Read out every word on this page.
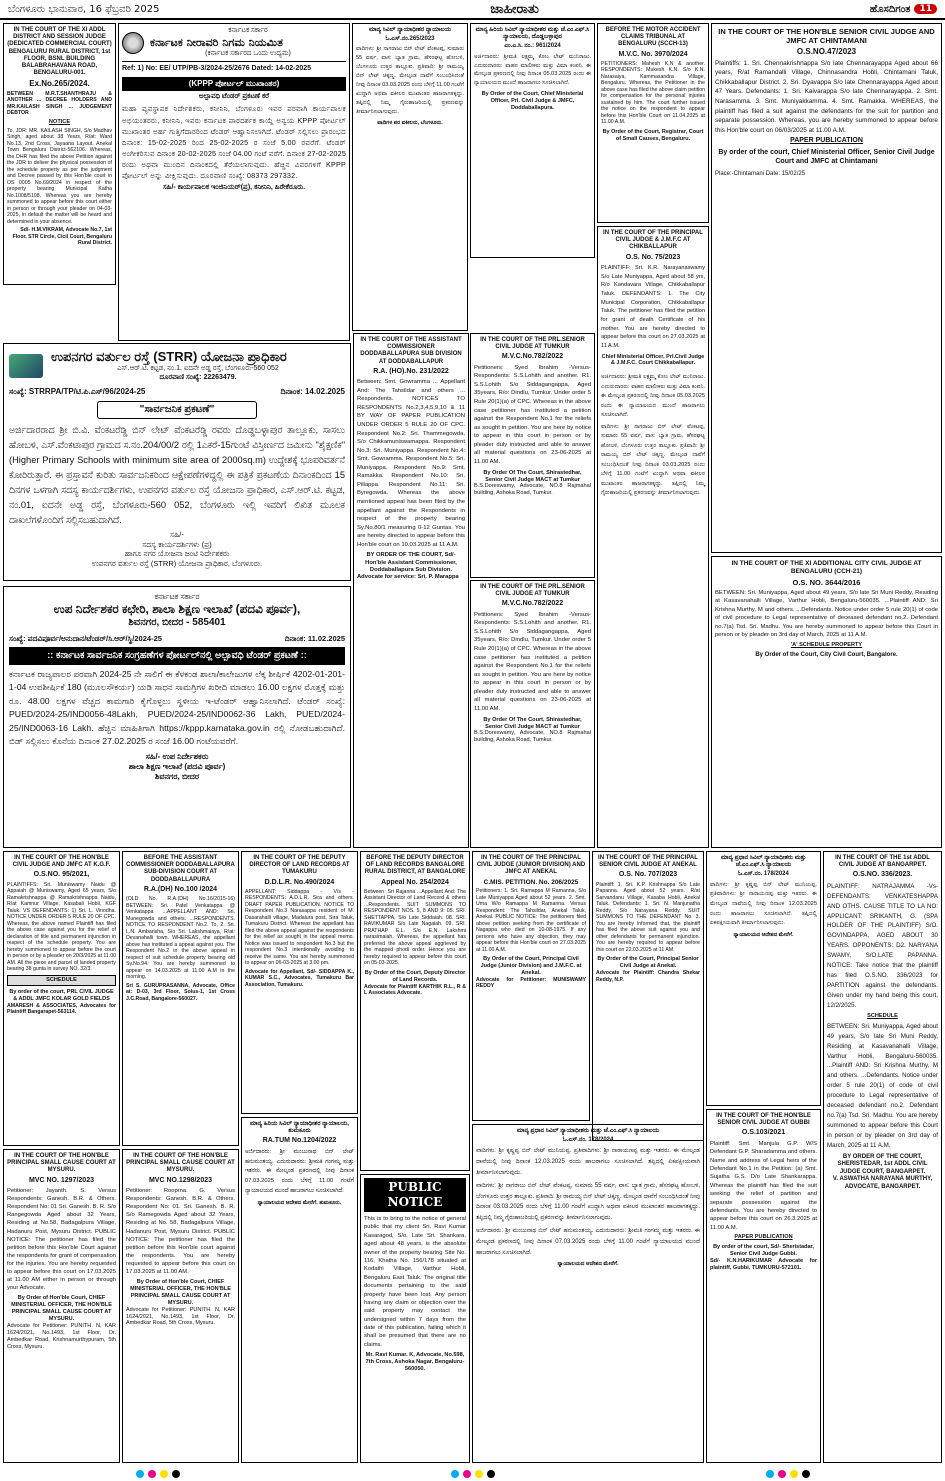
ಬೆಂಗಳೂರು ಭಾನುವಾರ, 16 ಫೆಬ್ರವರಿ 2025	ಜಾಹೀರಾತು	ಹೊಸದಿಗಂತ	11
IN THE COURT OF THE XI ADDL DISTRICT AND SESSION JUDGE (DEDICATED COMMERCIAL COURT) BENGALURU RURAL DISTRICT, 1st FLOOR, BSNL BUILDING BALABRAHAVANA ROAD, BENGALURU-001.
Ex.No.265/2024.

BETWEEN M.R.T.SHANTHRAJU & ANOTHER ... DECREE HOLDERS AND MR.KAILASH SINGH ... JUDGEMENT DEBTOR

NOTICE

To, JDR: MR. KAILASH SINGH, S/o Madhav Singh, aged about 38 Years, R/at: Ward No.13, 2nd Cross, Jayaana Layout, Anekal Town Bengaluru District-562106. Whereas, the DHR has filed the above Petition against the JDR to deliver the physical possession of the schedule property as per the judgment and Decree passed by this Hon'ble court in OS 0005 No.69/2024 in respect of the property bearing Municipal Katha No.1008/5108. Whereas you are hereby summoned to appear before this court either in person or through your pleader on 04-03-2025, in default the matter will be heard and determined in your absence.

Sd/- H.M.VIKRAM, Advocate No.7, 1st Floor, STR Circle, Cicil Court, Bengaluru Rural District.

ಕರ್ನಾಟಕ ಸರ್ಕಾರ
ಕರ್ನಾಟಕ ನೀರಾವರಿ ನಿಗಮ ನಿಯಮಿತ
(ಕರ್ನಾಟಕ ಸರ್ಕಾರದ ಒಂದು ಉದ್ಯಮ)
Ref: 1) No: EE/ UTP/PB-3/2024-25/2676 Dated: 14-02-2025
(KPPP ಪೋರ್ಟಲ್ ಮುಖಾಂತರ)
ಅಲ್ಪಾವಧಿ ಟೆಂಡರ್ ಪ್ರಕಟಣೆ ಕರೆ
ಮಹಾ ವ್ಯವಸ್ಥಾಪಕ ನಿರ್ದೇಶಕರು, ಕನೀನಿನಿ, ಬೆಂಗಳೂರು ಇವರ ಪರವಾಗಿ ಕಾರ್ಯಪಾಲಕ ಅಭಿಯಂತರರು, ಕನೀನಿನಿ, ಇವರು ಕರ್ನಾಟಕ ಪಾರದರ್ಶಕ ಕಾಯ್ದೆ ಅನ್ವಯ KPPP ಪೋರ್ಟಲ್ ಮುಖಾಂತರ ಅರ್ಹ ಗುತ್ತಿಗೆದಾರರಿಂದ ಟೆಂಡರ್ ಆಹ್ವಾನಿಸಲಾಗಿದೆ. ಟೆಂಡರ್ ಸಲ್ಲಿಸಲು ಪ್ರಾರಂಭದ ದಿನಾಂಕ: 15-02-2025 ರಿಂದ 25-02-2025 ರ ಸಂಜೆ 5.00 ರವರೆಗೆ. ಟೆಂಡರ್ ಅಂಗೀಕರಿಸುವ ದಿನಾಂಕ 20-02-2025 ಸಂಜೆ 04.00 ಗಂಟೆ ವರೆಗೆ. ದಿನಾಂಕ 27-02-2025 ರಂದು ಅಥವಾ ಮುಂದಿನ ದಿನಾಂಕದಲ್ಲಿ ತೆರೆಯಲಾಗುವುದು. ಹೆಚ್ಚಿನ ವಿವರಗಳಿಗೆ KPPP ಪೋರ್ಟಲ್ ಅನ್ನು ವೀಕ್ಷಿಸುವುದು. ದೂರವಾಣಿ ಸಂಖ್ಯೆ: 08373 297332.
ಸಹಿ/- ಕಾರ್ಯಪಾಲಕ ಇಂಜಿನಿಯರ್(ಪ್ರ), ಕನೀನಿನಿ, ಹಿರೇಕೆರೂರು.
ಮಾನ್ಯ ಸಿವಿಲ್ ನ್ಯಾಯಾಧೀಶರ ನ್ಯಾಯಾಲಯ
ಓ.ಎಸ್.ನಂ.265/2023

ವಾದಿಗಳು: ಶ್ರೀ ನಾಗರಾಜು ಬಿನ್ ಲೇಟ್ ವೆಂಕಟಪ್ಪ, ಸುಮಾರು 55 ವರ್ಷ, ವಾಸ: ಬ್ಯಾತ ಗ್ರಾಮ, ಹೆಸರಘಟ್ಟ ಹೋಬಳಿ, ಬೆಂಗಳೂರು ಉತ್ತರ ತಾಲ್ಲೂಕು. ಪ್ರತಿವಾದಿ: ಶ್ರೀ ರಾಮಯ್ಯ ಬಿನ್ ಲೇಟ್ ಚಿಕ್ಕಣ್ಣ. ಮೇಲ್ಕಂಡ ದಾವೆಗೆ ಸಂಬಂಧಿಸಿದಂತೆ ನೀವು ದಿನಾಂಕ 03.03.2025 ರಂದು ಬೆಳಿಗ್ಗೆ 11.00 ಗಂಟೆಗೆ ಖುದ್ದಾಗಿ ಅಥವಾ ವಕೀಲರ ಮುಖಾಂತರ ಹಾಜರಾಗತಕ್ಕದ್ದು. ತಪ್ಪಿದಲ್ಲಿ ನಿಮ್ಮ ಗೈರುಹಾಜರಿಯಲ್ಲಿ ಪ್ರಕರಣವನ್ನು ತೀರ್ಮಾನಿಸಲಾಗುವುದು.

ವಾದಿಗಳ ಪರ ವಕೀಲರು, ಬೆಂಗಳೂರು.
ಮಾನ್ಯ ಹಿರಿಯ ಸಿವಿಲ್ ನ್ಯಾಯಾಧೀಶರ ಮತ್ತು ಜೆ.ಎಂ.ಎಫ್.ಸಿ ನ್ಯಾಯಾಲಯ, ದೊಡ್ಡಬಳ್ಳಾಪುರ
ಎಂ.ಎ.ಸಿ. ನಂ.: 961/2024

ಅರ್ಜಿದಾರರು: ಶ್ರೀಮತಿ ಲಕ್ಷ್ಮಮ್ಮ ಕೋಂ ಲೇಟ್ ಮುನಿರಾಜು. ಎದುರುದಾರರು: ವಾಹನ ಮಾಲೀಕರು ಮತ್ತು ವಿಮಾ ಕಂಪನಿ. ಈ ಮೇಲ್ಕಂಡ ಪ್ರಕರಣದಲ್ಲಿ ನೀವು ದಿನಾಂಕ 05.03.2025 ರಂದು ಈ ನ್ಯಾಯಾಲಯದ ಮುಂದೆ ಹಾಜರಾಗಲು ಸೂಚಿಸಲಾಗಿದೆ.

By Order of the Court, Chief Ministerial Officer, Prl. Civil Judge & JMFC, Doddaballapura.
BEFORE THE MOTOR ACCIDENT CLAIMS TRIBUNAL AT BENGALURU (SCCH-13)
M.V.C. No. 3970/2024

PETITIONERS: Mahesh K.N & another. RESPONDENTS: Mukesh K.N. S/o K.N. Narasaiya, Kammasandra Village, Bengaluru. Whereas, the Petitioner in the above case has filed the above claim petition for compensation for the personal injuries sustained by him. The court further issued the notice on the respondent to appear before this Hon'ble Court on 11.04.2025 at 11.00 A.M.

By Order of the Court, Registrar, Court of Small Causes, Bengaluru.
IN THE COURT OF THE HON'BLE SENIOR CIVIL JUDGE AND JMFC AT CHINTAMANI
O.S.NO.47/2023

Plaintiffs: 1. Sri. Chennakrishnappa S/o late Chennarayappa Aged about 66 years, R/at Ramandalli Village, Chinnasandra Hobli, Chintamani Taluk, Chikkaballapur District. 2. Sri. Dyavappa S/o late Chennarayappa Aged about 47 Years. Defendants: 1. Sri. Kaivarappa S/o late Chennarayappa. 2. Smt. Narasamma. 3. Smt. Muniyakkamma. 4. Smt. Ramakka. WHEREAS, the plaintiff has filed a suit against the defendants for the suit for partition and separate possession. Whereas, you are hereby summoned to appear before this Hon'ble court on 06/03/2025 at 11.00 A.M.

PAPER PUBLICATION
By order of the court, Chief Ministerial Officer, Senior Civil Judge Court and JMFC at Chintamani

Place:-Chintamani Date: 15/02/25

ಉಪನಗರ ವರ್ತುಲ ರಸ್ತೆ (STRR) ಯೋಜನಾ ಪ್ರಾಧಿಕಾರ
ಎಸ್.ಆರ್.ಟಿ. ಕಟ್ಟಡ, ನಂ.1, ಐದನೇ ಅಡ್ಡ ರಸ್ತೆ, ಬೆಂಗಳೂರು-560 052
ದೂರವಾಣಿ ಸಂಖ್ಯೆ: 22263479.
ಸಂಖ್ಯೆ: STRRPA/TP/ಟಿ.ಪಿ.ಎಸ್/96/2024-25	ದಿನಾಂಕ: 14.02.2025
"ಸಾರ್ವಜನಿಕ ಪ್ರಕಟಣೆ"
ಅರ್ಜಿದಾರರಾದ ಶ್ರೀ ಬಿ.ವಿ. ವೆಂಕಟರೆಡ್ಡಿ ಬಿನ್ ಲೇಟ್ ವೆಂಕಟರೆಡ್ಡಿ ರವರು ದೊಡ್ಡಬಳ್ಳಾಪುರ ತಾಲ್ಲೂಕು, ಸಾಸಲು ಹೋಬಳಿ, ಎಸ್.ವೆಂಕಟಾಪುರ ಗ್ರಾಮದ ಸ.ನಂ.204/00/2 ರಲ್ಲಿ 1ಎಕರೆ-15ಗುಂಟೆ ವಿಸ್ತೀರ್ಣದ ಜಮೀನು "ಶೈಕ್ಷಣಿಕ" (Higher Primary Schools with minimum site area of 2000sq.m) ಉದ್ದೇಶಕ್ಕೆ ಭೂಪರಿವರ್ತನೆ ಕೋರಿರುತ್ತಾರೆ. ಈ ಪ್ರಸ್ತಾವನೆ ಕುರಿತು ಸಾರ್ವಜನಿಕರಿಂದ ಆಕ್ಷೇಪಣೆಗಳಿದ್ದಲ್ಲಿ ಈ ಪತ್ರಿಕೆ ಪ್ರಕಟಣೆಯ ದಿನಾಂಕದಿಂದ 15 ದಿನಗಳ ಒಳಗಾಗಿ ಸದಸ್ಯ ಕಾರ್ಯದರ್ಶಿಗಳು, ಉಪನಗರ ವರ್ತುಲ ರಸ್ತೆ ಯೋಜನಾ ಪ್ರಾಧಿಕಾರ, ಎಸ್.ಆರ್.ಟಿ. ಕಟ್ಟಡ, ನಂ.01, ಐದನೇ ಅಡ್ಡ ರಸ್ತೆ, ಬೆಂಗಳೂರು-560 052, ಬೆಂಗಳೂರು ಇಲ್ಲಿ ಇವರಿಗೆ ಲಿಖಿತ ಮೂಲಕ ದಾಖಲೆಗಳೊಂದಿಗೆ ಸಲ್ಲಿಸಬಹುದಾಗಿದೆ.
ಸಹಿ/-
ಸದಸ್ಯ ಕಾರ್ಯದರ್ಶಿಗಳು (ಪ್ರ)
ಹಾಗೂ ನಗರ ಯೋಜನಾ ಜಂಟಿ ನಿರ್ದೇಶಕರು
ಉಪನಗರ ವರ್ತುಲ ರಸ್ತೆ (STRR) ಯೋಜನಾ ಪ್ರಾಧಿಕಾರ, ಬೆಂಗಳೂರು.
ಕರ್ನಾಟಕ ಸರ್ಕಾರ
ಉಪ ನಿರ್ದೇಶಕರ ಕಛೇರಿ, ಶಾಲಾ ಶಿಕ್ಷಣ ಇಲಾಖೆ (ಪದವಿ ಪೂರ್ವ),
ಶಿವನಗರ, ಬೀದರ - 585401
ಸಂಖ್ಯೆ: ಪದವಿಪೂರ್ವ/ಅನುದಾನ/ಟೆಂಡರ್/ಸಿ.ಆರ್/ಸ್ಥಿ/2024-25	ದಿನಾಂಕ: 11.02.2025
:: ಕರ್ನಾಟಕ ಸಾರ್ವಜನಿಕ ಸಂಗ್ರಹಣೆಗಳ ಪೋರ್ಟಲ್‌ನಲ್ಲಿ ಅಲ್ಪಾವಧಿ ಟೆಂಡರ್ ಪ್ರಕಟಣೆ ::
ಕರ್ನಾಟಕ ರಾಜ್ಯಪಾಲರ ಪರವಾಗಿ 2024-25 ನೇ ಸಾಲಿಗೆ ಈ ಕೆಳಕಂಡ ಶಾಲಾ/ಕಾಲೇಜುಗಳ ಲೆಕ್ಕ ಶೀರ್ಷಿಕೆ 4202-01-201-1-04 ಉಪಶೀರ್ಷಿಕೆ 180 (ಮೂಲಸೌಕರ್ಯ) ಯಡಿ ಸಾಧನ ಸಾಮಗ್ರಿಗಳ ಖರೀದಿ ಮಾಡಲು 16.00 ಲಕ್ಷಗಳ ಮೊತ್ತಕ್ಕೆ ಮತ್ತು ರೂ. 48.00 ಲಕ್ಷಗಳ ವೆಚ್ಚದ ಕಾಮಗಾರಿ ಕೈಗೊಳ್ಳಲು ಸ್ಥಳೀಯ ಇ-ಟೆಂಡರ್ ಆಹ್ವಾನಿಸಲಾಗಿದೆ. ಟೆಂಡರ್ ಸಂಖ್ಯೆ: PUED/2024-25/IND0056-48Lakh, PUED/2024-25/IND0062-36 Lakh, PUED/2024-25/IND0063-16 Lakh. ಹೆಚ್ಚಿನ ಮಾಹಿತಿಗಾಗಿ https://kppp.karnataka.gov.in ರಲ್ಲಿ ನೋಡಬಹುದಾಗಿದೆ. ಬಿಡ್ ಸಲ್ಲಿಸಲು ಕೊನೆಯ ದಿನಾಂಕ 27.02.2025 ರ ಸಂಜೆ 16.00 ಗಂಟೆಯವರೆಗೆ.
ಸಹಿ/- ಉಪ ನಿರ್ದೇಶಕರು
ಶಾಲಾ ಶಿಕ್ಷಣ ಇಲಾಖೆ (ಪದವಿ ಪೂರ್ವ)
ಶಿವನಗರ, ಬೀದರ
IN THE COURT OF THE ASSISTANT COMMISSIONER DODDABALLAPURA SUB DIVISION AT DODDABALLAPUR
R.A. (HO).No. 231/2022

Between: Smt. Gowramma ... Appellant And: The Tahsildar and others ... Respondents. NOTICES TO RESPONDENTS No.2,3,4,5,9,10 & 11 BY WAY OF PAPER PUBLICATION UNDER ORDER 5 RULE 20 OF CPC. Respondent No.2: Sri. Thammegowda, S/o Chikkamuniswamappa. Respondent No.3: Sri. Muniyappa. Respondent No.4: Smt. Gowramma. Respondent No.5: Sri. Muniyappa. Respondent No.9: Smt. Ramakka. Respondent No.10: Sri. Pillappa. Respondent No.11: Sri. Byregowda. Whereas the above mentioned appeal has been filed by the appellant against the Respondents in respect of the property bearing Sy.No.80/1 measuring 0-12 Guntas. You are hereby directed to appear before this Hon'ble court on 10.03.2025 at 11 A.M.

BY ORDER OF THE COURT, Sd/- Hon'ble Assistant Commissioner, Doddaballapura Sub Division.

Advocate for service: Sri. P. Marappa

IN THE COURT OF THE PRL.SENIOR CIVIL JUDGE AT TUMKUR
M.V.C.No.782/2022

Petitioners: Syed Ibrahim -Versus- Respondents: S.S.Lohith and another. R1. S.S.Lohith S/o Siddagangappa, Aged 35years, R/o: Dindlu, Tumkur. Under order 5 Rule 20(1)(a) of CPC. Whereas in the above case petitioner has instituted a petition against the Respondent No.1 for the reliefs as sought in petition. You are here by notice to appear in this court in person or by pleader duly instructed and able to answer all material questions on 23-06-2025 at 11.00 AM.

By Order Of The Court, Shirastedhar, Senior Civil Judge MACT at Tumkur

B.S.Doreswamy, Advocate, NO.8 Rajmahal building, Ashoka Road, Tumkur.

IN THE COURT OF THE PRL.SENIOR CIVIL JUDGE AT TUMKUR
M.V.C.No.782/2022

Petitioners: Syed Ibrahim -Versus- Respondents: S.S.Lohith and another. R1. S.S.Lohith S/o Siddagangappa, Aged 35years, R/o: Dindlu, Tumkur. Under order 5 Rule 20(1)(a) of CPC. Whereas in the above case petitioner has instituted a petition against the Respondent No.1 for the reliefs as sought in petition. You are here by notice to appear in this court in person or by pleader duly instructed and able to answer all material questions on 23-06-2025 at 11.00 AM.

By Order Of The Court, Shirastedhar, Senior Civil Judge MACT at Tumkur

B.S.Doreswamy, Advocate, NO.8 Rajmahal building, Ashoka Road, Tumkur.

IN THE COURT OF THE PRINCIPAL CIVIL JUDGE & J.M.F.C AT CHIKBALLAPUR
O.S. No. 75/2023

PLAINTIFF: Sri. K.R. Narayanaswamy S/o Late Muniyappa, Aged about 58 yrs, R/o Kandavara Village, Chikkaballapur Taluk. DEFENDANTS: 1. The City Municipal Corporation, Chikkaballapur Taluk. The petitioner has filed the petition for grant of death Certificate of his mother. You are hereby directed to appear before this court on 27.03.2025 at 11 A.M.

Chief Ministerial Officer, Prl.Civil Judge & J.M.F.C. Court Chikkaballapur.

ಅರ್ಜಿದಾರರು: ಶ್ರೀಮತಿ ಲಕ್ಷ್ಮಮ್ಮ ಕೋಂ ಲೇಟ್ ಮುನಿರಾಜು. ಎದುರುದಾರರು: ವಾಹನ ಮಾಲೀಕರು ಮತ್ತು ವಿಮಾ ಕಂಪನಿ. ಈ ಮೇಲ್ಕಂಡ ಪ್ರಕರಣದಲ್ಲಿ ನೀವು ದಿನಾಂಕ 05.03.2025 ರಂದು ಈ ನ್ಯಾಯಾಲಯದ ಮುಂದೆ ಹಾಜರಾಗಲು ಸೂಚಿಸಲಾಗಿದೆ.

ವಾದಿಗಳು: ಶ್ರೀ ನಾಗರಾಜು ಬಿನ್ ಲೇಟ್ ವೆಂಕಟಪ್ಪ, ಸುಮಾರು 55 ವರ್ಷ, ವಾಸ: ಬ್ಯಾತ ಗ್ರಾಮ, ಹೆಸರಘಟ್ಟ ಹೋಬಳಿ, ಬೆಂಗಳೂರು ಉತ್ತರ ತಾಲ್ಲೂಕು. ಪ್ರತಿವಾದಿ: ಶ್ರೀ ರಾಮಯ್ಯ ಬಿನ್ ಲೇಟ್ ಚಿಕ್ಕಣ್ಣ. ಮೇಲ್ಕಂಡ ದಾವೆಗೆ ಸಂಬಂಧಿಸಿದಂತೆ ನೀವು ದಿನಾಂಕ 03.03.2025 ರಂದು ಬೆಳಿಗ್ಗೆ 11.00 ಗಂಟೆಗೆ ಖುದ್ದಾಗಿ ಅಥವಾ ವಕೀಲರ ಮುಖಾಂತರ ಹಾಜರಾಗತಕ್ಕದ್ದು. ತಪ್ಪಿದಲ್ಲಿ ನಿಮ್ಮ ಗೈರುಹಾಜರಿಯಲ್ಲಿ ಪ್ರಕರಣವನ್ನು ತೀರ್ಮಾನಿಸಲಾಗುವುದು.

IN THE COURT OF THE XI ADDITIONAL CITY CIVIL JUDGE AT BENGALURU (CCH-21)
O.S. NO. 3644/2016

BETWEEN: Sri. Muniyappa, Aged about 49 years, S/o late Sri Muni Reddy, Residing at Kasavanahalli Village, Varthur Hobli, Bengaluru-560035. ...Plaintiff AND: Sri Krishna Murthy, M and others. ...Defendants. Notice under order 5 rule 20(1) of code of civil procedure to Legal representative of deceased defendant no.2. Defendant no.7(a) Tsd. Sri. Madhu. You are hereby summoned to appear before this Court in person or by pleader on 3rd day of March, 2025 at 11 A.M.

'A' SCHEDULE PROPERTY
By Order of the Court, City Civil Court, Bangalore.
IN THE COURT OF THE HON'BLE CIVIL JUDGE AND JMFC AT K.G.F.
O.S.NO. 95/2021,

PLAINTIFFS: Sri. Muniswamy Naidu @ Appaiah @ Muniswamy, Aged 65 years, S/o Ramakrishnappa @ Ramakrishnappa Naidu, R/at Kamnur Village, Kasabali Hobli, KGF Taluk. VS DEFENDANTS: 1) Sri. L. Vinodha. NOTICE UNDER ORDER 5 RULE 20 OF CPC. Whereas, the above named Plaintiff has filed the above case against you for the relief of declaration of title and permanent injunction in respect of the schedule property. You are hereby summoned to appear before the court in person or by a pleader on 20/3/2025 at 11.00 AM. All the piece and parcel of landed property bearing 38 gunta in survey NO. 32/3.

SCHEDULE
By order of the court, PRL CIVIL JUDGE & ADDL JMFC KOLAR GOLD FIELDS

AMARESH & ASSOCIATES, Advocates for Plaintiff Bangarapet-563114.

BEFORE THE ASSISTANT COMMISSIONER DODDABALLAPURA SUB-DIVISION COURT AT DODDABALLAPURA
R.A.(DH) No.100 /2024

(OLD No. R.A.(DH) No.16/2015-16) BETWEEN: Sri. Patel Venkatappa @ Venkatappa ...APPELLANT AND: Sri. Munegowda and others. ...RESPONDENTS. NOTICE TO RESPONDENT No.2. To, 2. Sri. L.N. Ambarisha, S/o Sri. Lakshmaiaya, R/at: Devanahalli town. WHEREAS, the appellant above has instituted a appeal against you. The Respondent No.2 in the above appeal in respect of suit schedule property bearing old Sy.No.94. You are hereby summoned to appear on 14.03.2025 at 11.00 A.M in the morning.

Sri S. GURUPRASANNA, Advocate, Office at: D-03, 3rd Floor, Solus-1, 1st Cross J.C.Road, Bangalore-560027.

IN THE COURT OF THE DEPUTY DIRECTOR OF LAND RECORDS AT TUMAKURU
D.D.L.R. No.490/2024

APPELLANT: Siddappa - V/s - RESPONDENTS: A.D.L.R. Sira and others. DRAFT PAPER PUBLICATION. NOTICE TO Respondent No.3 Narasappa resident of M. Dasarahalli village, Madalura post, Sira Taluk, Tumakuru District. Whereas the appellant has filed the above appeal against the respondents for the relief as sought in the appeal memo. Notice was issued to respondent No.3 but the respondent No.3 intentionally avoiding to receive the same. You are hereby summoned to appear on 06-03-2025 at 3.00 pm.

Advocate for Appellant, Sd/- SIDDAPPA K., KUMAR S.C., Advocates, Tumakuru Bar Association, Tumakuru.

BEFORE THE DEPUTY DIRECTOR OF LAND RECORDS BANGALORE RURAL DISTRICT, AT BANGALORE
Appeal No. 254/2024

Between: Sri Rajanna ...Appellant And: The Assistant Director of Land Record & others ...Respondents. SUIT SUMMONS TO RESPONDENT NOS. 5, 8 AND 9: 05. SRI. SHETTAPPA, S/o Late Siddaiah. 08. SRI. RAVIKUMAR S/o Late Nagaiah. 09. SRI. PRATHAP E.L. S/o E.N. Lakshmi narasimaiah. Whereas, the appellant has preferred the above appeal aggrieved by the mapped phodi order. Hence you are hereby required to appear before this court on 05-03-2025.

By Order of the Court, Deputy Director of Land Records.

Advocate for Plaintiff KARTHIK R.L., R & L Associates Advocate.

IN THE COURT OF THE PRINCIPAL CIVIL JUDGE (JUNIOR DIVISION) AND JMFC AT ANEKAL
C.MIS. PETITION. No. 206/2025

Petitioners: 1. Sri. Ramappa M Ramanna, S/o Late Muniyappa Aged about 52 years. 2. Smt. Uma W/o Ramappa M Ramanna. Versus Respondent: The Tahsildar, Anekal Taluk, Anekal. PUBLIC NOTICE: The petitioners filed above petition seeking from the certificate of Nagappa who died on 10-08-1975. If any persons who have any objection, they may appear before this Hon'ble court on 27.03.2025 at 11.00 A.M.

By Order of the Court, Principal Civil Judge (Junior Division) and J.M.F.C. at Anekal.

Advocate for Petitioner: MUNISWAMY REDDY

IN THE COURT OF THE PRINCIPAL SENIOR CIVIL JUDGE AT ANEKAL
O.S. No. 707/2023

Plaintiff: 1. Sri. K.P. Krishnappa S/o Late Papanna. Aged about 52 years. R/at Sarvandanu Village, Kasaba Hobli, Anekal Taluk. Defendants: 1. Sri. N. Manjunatha Reddy, S/o Narayana Reddy. SUIT SUMMONS TO THE DEFENDANT No. 3. You are hereby informed that, the plaintiff has filed the above suit against you and other defendants for permanent injunction. You are hereby required to appear before this court on 22.03.2025 at 11 AM.

By Order of the Court, Principal Senior Civil Judge at Anekal.

Advocate for Plaintiff: Chandra Shekar Reddy, N.P.

IN THE COURT OF THE 1st ADDL CIVIL JUDGE AT BANGARPET.
O.S.NO. 336/2023.

PLAINTIFF: NATRAJAMMA -Vs- DEFENDANTS: VENKATESHAPPA AND OTHS. CAUSE TITLE TO LA NO: APPLICANT: SRIKANTH, G. (SPA HOLDER OF THE PLAINTIFF) S/O. GOVINDAPPA, AGED ABOUT 30 YEARS. OPPONENTS: D2. NARYANA SWAMY, S/O.LATE PAPANNA. NOTICE: Take notice that the plaintiff has filed O.S.NO. 336/2023 for PARTITION against the defendants. Given under my hand being this court, 12/2/2025.

SCHEDULE

BETWEEN: Sri. Muniyappa, Aged about 49 years, S/o late Sri Muni Reddy, Residing at Kasavanahalli Village, Varthur Hobli, Bengaluru-560035. ...Plaintiff AND: Sri Krishna Murthy, M and others. ...Defendants. Notice under order 5 rule 20(1) of code of civil procedure to Legal representative of deceased defendant no.2. Defendant no.7(a) Tsd. Sri. Madhu. You are hereby summoned to appear before this Court in person or by pleader on 3rd day of March, 2025 at 11 A.M.

BY ORDER OF THE COURT, SHERISTEDAR, 1st ADDL CIVIL JUDGE COURT, BANGARPET.

V. ASWATHA NARAYANA MURTHY, ADVOCATE, BANGARPET.

ಮಾನ್ಯ ಪ್ರಧಾನ ಸಿವಿಲ್ ನ್ಯಾಯಾಧೀಶರು ಮತ್ತು ಜೆ.ಎಂ.ಎಫ್.ಸಿ ನ್ಯಾಯಾಲಯ
ಓ.ಎಸ್.ನಂ. 178/2024

ವಾದಿಗಳು: ಶ್ರೀ ಕೃಷ್ಣಪ್ಪ ಬಿನ್ ಲೇಟ್ ಮುನಿಯಪ್ಪ. ಪ್ರತಿವಾದಿಗಳು: ಶ್ರೀ ನಾರಾಯಣಪ್ಪ ಮತ್ತು ಇತರರು. ಈ ಮೇಲ್ಕಂಡ ದಾವೆಯಲ್ಲಿ ನೀವು ದಿನಾಂಕ 12.03.2025 ರಂದು ಹಾಜರಾಗಲು ಸೂಚಿಸಲಾಗಿದೆ. ತಪ್ಪಿದಲ್ಲಿ ಏಕಪಕ್ಷೀಯವಾಗಿ ತೀರ್ಮಾನಿಸಲಾಗುವುದು.

ನ್ಯಾಯಾಲಯದ ಆದೇಶದ ಮೇರೆಗೆ.
IN THE COURT OF THE HON'BLE PRINCIPAL SMALL CAUSE COURT AT MYSURU.
MVC NO. 1297/2023

Petitioner: Jayanth. S. Versus Respondents: Ganesh. B.R. & Others. Respondent No: 01 Sri. Ganesh. B. R. S/o Rangegowda Aged about 32 Years, Residing at No.58, Badagalpura Village, Hadanuru Post, Mysuru District. PUBLIC NOTICE: The petitioner has filed the petition before this Hon'ble Court against the respondents for grant of compensation for the injuries. You are hereby requested to appear before this court on 17.03.2025 at 11.00 AM either in person or through your Advocate.

By Order of Hon'ble Court, CHIEF MINISTERIAL OFFICER, THE HON'BLE PRINCIPAL SMALL CAUSE COURT AT MYSURU.

Advocate for Petitioner: PUNITH. N, KAR 1624/2021, No.1493, 1st Floor, Dr. Ambedkar Road, Krishnamurthypuram, 5th Cross, Mysuru.

IN THE COURT OF THE HON'BLE PRINCIPAL SMALL CAUSE COURT AT MYSURU.
MVC NO.1298/2023

Petitioner: Rooprna. G. Versus Respondents: Ganesh. B.R. & Others. Respondent No: 01. Sri. Ganesh. B. R. S/o Ramegowda Aged about 32 Years, Residing at No. 58, Badagalpura Village, Hadanuru Post, Mysuru District. PUBLIC NOTICE: The petitioner has filed the petition before this Hon'ble court against the respondents. You are hereby requested to appear before this court on 17.03.2025 at 11.00 AM.

By Order of Hon'ble Court, CHIEF MINISTERIAL OFFICER, THE HON'BLE PRINCIPAL SMALL CAUSE COURT AT MYSURU.

Advocate for Petitioner: PUNITH. N, KAR 1624/2021, No.1493, 1st Floor, Dr. Ambedkar Road, 5th Cross, Mysuru.

ಮಾನ್ಯ ಹಿರಿಯ ಸಿವಿಲ್ ನ್ಯಾಯಾಧೀಶರ ನ್ಯಾಯಾಲಯ, ತುಮಕೂರು
RA.TUM No.1204/2022

ಅರ್ಜಿದಾರರು: ಶ್ರೀ ಮಂಜುನಾಥ ಬಿನ್ ಲೇಟ್ ಹನುಮಂತಯ್ಯ. ಎದುರುದಾರರು: ಶ್ರೀಮತಿ ಗಂಗಮ್ಮ ಮತ್ತು ಇತರರು. ಈ ಮೇಲ್ಕಂಡ ಪ್ರಕರಣದಲ್ಲಿ ನೀವು ದಿನಾಂಕ 07.03.2025 ರಂದು ಬೆಳಿಗ್ಗೆ 11.00 ಗಂಟೆಗೆ ನ್ಯಾಯಾಲಯದ ಮುಂದೆ ಹಾಜರಾಗಲು ಸೂಚಿಸಲಾಗಿದೆ.

ನ್ಯಾಯಾಲಯದ ಆದೇಶದ ಮೇರೆಗೆ, ತುಮಕೂರು.
PUBLIC NOTICE

This is to bring to the notice of general public that my client Sri. Ravi Kumar Kasaragod, S/o. Late Sri. Shankara, aged about 48 years, is the absolute owner of the property bearing Site No. 116, Khatha No. 156/178 situated at Kodathi Village, Varthur Hobli, Bengaluru East Taluk. The original title documents pertaining to the said property have been lost. Any person having any claim or objection over the said property may contact the undersigned within 7 days from the date of this publication, failing which it shall be presumed that there are no claims.

Mr. Ravi Kumar. K, Advocate, No.598, 7th Cross, Ashoka Nagar, Bengaluru-560050.
ಮಾನ್ಯ ಪ್ರಧಾನ ಸಿವಿಲ್ ನ್ಯಾಯಾಧೀಶರು ಮತ್ತು ಜೆ.ಎಂ.ಎಫ್.ಸಿ ನ್ಯಾಯಾಲಯ
ಓ.ಎಸ್.ನಂ. 178/2024

ವಾದಿಗಳು: ಶ್ರೀ ಕೃಷ್ಣಪ್ಪ ಬಿನ್ ಲೇಟ್ ಮುನಿಯಪ್ಪ. ಪ್ರತಿವಾದಿಗಳು: ಶ್ರೀ ನಾರಾಯಣಪ್ಪ ಮತ್ತು ಇತರರು. ಈ ಮೇಲ್ಕಂಡ ದಾವೆಯಲ್ಲಿ ನೀವು ದಿನಾಂಕ 12.03.2025 ರಂದು ಹಾಜರಾಗಲು ಸೂಚಿಸಲಾಗಿದೆ. ತಪ್ಪಿದಲ್ಲಿ ಏಕಪಕ್ಷೀಯವಾಗಿ ತೀರ್ಮಾನಿಸಲಾಗುವುದು.

ವಾದಿಗಳು: ಶ್ರೀ ನಾಗರಾಜು ಬಿನ್ ಲೇಟ್ ವೆಂಕಟಪ್ಪ, ಸುಮಾರು 55 ವರ್ಷ, ವಾಸ: ಬ್ಯಾತ ಗ್ರಾಮ, ಹೆಸರಘಟ್ಟ ಹೋಬಳಿ, ಬೆಂಗಳೂರು ಉತ್ತರ ತಾಲ್ಲೂಕು. ಪ್ರತಿವಾದಿ: ಶ್ರೀ ರಾಮಯ್ಯ ಬಿನ್ ಲೇಟ್ ಚಿಕ್ಕಣ್ಣ. ಮೇಲ್ಕಂಡ ದಾವೆಗೆ ಸಂಬಂಧಿಸಿದಂತೆ ನೀವು ದಿನಾಂಕ 03.03.2025 ರಂದು ಬೆಳಿಗ್ಗೆ 11.00 ಗಂಟೆಗೆ ಖುದ್ದಾಗಿ ಅಥವಾ ವಕೀಲರ ಮುಖಾಂತರ ಹಾಜರಾಗತಕ್ಕದ್ದು. ತಪ್ಪಿದಲ್ಲಿ ನಿಮ್ಮ ಗೈರುಹಾಜರಿಯಲ್ಲಿ ಪ್ರಕರಣವನ್ನು ತೀರ್ಮಾನಿಸಲಾಗುವುದು.

ಅರ್ಜಿದಾರರು: ಶ್ರೀ ಮಂಜುನಾಥ ಬಿನ್ ಲೇಟ್ ಹನುಮಂತಯ್ಯ. ಎದುರುದಾರರು: ಶ್ರೀಮತಿ ಗಂಗಮ್ಮ ಮತ್ತು ಇತರರು. ಈ ಮೇಲ್ಕಂಡ ಪ್ರಕರಣದಲ್ಲಿ ನೀವು ದಿನಾಂಕ 07.03.2025 ರಂದು ಬೆಳಿಗ್ಗೆ 11.00 ಗಂಟೆಗೆ ನ್ಯಾಯಾಲಯದ ಮುಂದೆ ಹಾಜರಾಗಲು ಸೂಚಿಸಲಾಗಿದೆ.

ನ್ಯಾಯಾಲಯದ ಆದೇಶದ ಮೇರೆಗೆ.
IN THE COURT OF THE HON'BLE SENIOR CIVIL JUDGE AT GUBBI
O.S.103/2021

Plaintiff: Smt. Manjula G.P. W/S Defendant G.P. Sharadamma and others. Name and address of Legal heirs of the Defendant No.1 in the Petition: (a) Smt. Sujatha G.S. D/o Late Shankarappa. Whereas the plaintiff has filed the suit seeking the relief of partition and separate possession against the defendants. You are hereby directed to appear before this court on 26.3.2025 at 11.00 A.M.

PAPER PUBLICATION
By order of the court, Sd/- Sheristadar, Senior Civil Judge Gubbi.

Sd/- K.N.HARIKUMAR Advocate for plaintiff, Gubbi, TUMKURU-572101.
